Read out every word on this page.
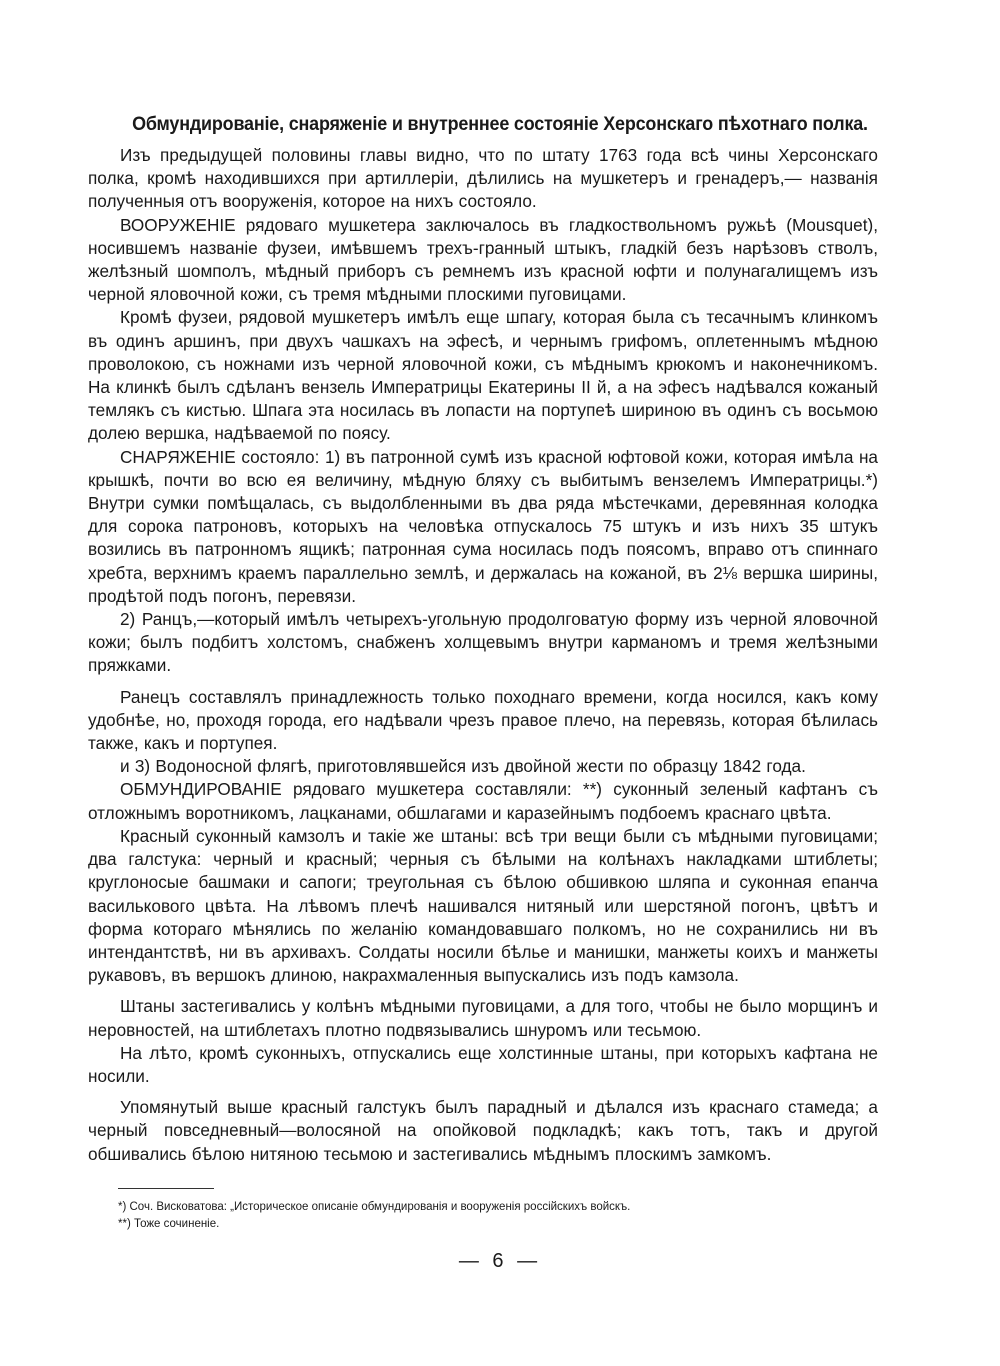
Обмундированіе, снаряженіе и внутреннее состояніе Херсонскаго пѣхотнаго полка.

Изъ предыдущей половины главы видно, что по штату 1763 года всѣ чины Херсонскаго полка, кромѣ находившихся при артиллеріи, дѣлились на мушкетеръ и гренадеръ,— названія полученныя отъ вооруженія, которое на нихъ состояло.

ВООРУЖЕНІЕ рядоваго мушкетера заключалось въ гладкоствольномъ ружьѣ (Mousquet), носившемъ названіе фузеи, имѣвшемъ трехъ-гранный штыкъ, гладкій безъ нарѣзовъ стволъ, желѣзный шомполъ, мѣдный приборъ съ ремнемъ изъ красной юфти и полунагалищемъ изъ черной яловочной кожи, съ тремя мѣдными плоскими пуговицами.

Кромѣ фузеи, рядовой мушкетеръ имѣлъ еще шпагу, которая была съ тесачнымъ клинкомъ въ одинъ аршинъ, при двухъ чашкахъ на эфесѣ, и чернымъ грифомъ, оплетеннымъ мѣдною проволокою, съ ножнами изъ черной яловочной кожи, съ мѣднымъ крюкомъ и наконечникомъ. На клинкѣ былъ сдѣланъ вензель Императрицы Екатерины II й, а на эфесъ надѣвался кожаный темлякъ съ кистью. Шпага эта носилась въ лопасти на портупеѣ шириною въ одинъ съ восьмою долею вершка, надѣваемой по поясу.

СНАРЯЖЕНІЕ состояло: 1) въ патронной сумѣ изъ красной юфтовой кожи, которая имѣла на крышкѣ, почти во всю ея величину, мѣдную бляху съ выбитымъ вензелемъ Императрицы.*) Внутри сумки помѣщалась, съ выдолбленными въ два ряда мѣстечками, деревянная колодка для сорока патроновъ, которыхъ на человѣка отпускалось 75 штукъ и изъ нихъ 35 штукъ возились въ патронномъ ящикѣ; патронная сума носилась подъ поясомъ, вправо отъ спиннаго хребта, верхнимъ краемъ параллельно землѣ, и держалась на кожаной, въ 2⅛ вершка ширины, продѣтой подъ погонъ, перевязи.

2) Ранцъ,—который имѣлъ четырехъ-угольную продолговатую форму изъ черной яловочной кожи; былъ подбитъ холстомъ, снабженъ холщевымъ внутри карманомъ и тремя желѣзными пряжками.

Ранецъ составлялъ принадлежность только походнаго времени, когда носился, какъ кому удобнѣе, но, проходя города, его надѣвали чрезъ правое плечо, на перевязь, которая бѣлилась также, какъ и портупея.

и 3) Водоносной флягѣ, приготовлявшейся изъ двойной жести по образцу 1842 года.

ОБМУНДИРОВАНІЕ рядоваго мушкетера составляли: **) суконный зеленый кафтанъ съ отложнымъ воротникомъ, лацканами, обшлагами и каразейнымъ подбоемъ краснаго цвѣта.

Красный суконный камзолъ и такіе же штаны: всѣ три вещи были съ мѣдными пуговицами; два галстука: черный и красный; черныя съ бѣлыми на колѣнахъ накладками штиблеты; круглоносые башмаки и сапоги; треугольная съ бѣлою обшивкою шляпа и суконная епанча василькового цвѣта. На лѣвомъ плечѣ нашивался нитяный или шерстяной погонъ, цвѣтъ и форма котораго мѣнялись по желанію командовавшаго полкомъ, но не сохранились ни въ интендантствѣ, ни въ архивахъ. Солдаты носили бѣлье и манишки, манжеты коихъ и манжеты рукавовъ, въ вершокъ длиною, накрахмаленныя выпускались изъ подъ камзола.

Штаны застегивались у колѣнъ мѣдными пуговицами, а для того, чтобы не было морщинъ и неровностей, на штиблетахъ плотно подвязывались шнуромъ или тесьмою.

На лѣто, кромѣ суконныхъ, отпускались еще холстинные штаны, при которыхъ кафтана не носили.

Упомянутый выше красный галстукъ былъ парадный и дѣлался изъ краснаго стамеда; а черный повседневный—волосяной на опойковой подкладкѣ; какъ тотъ, такъ и другой обшивались бѣлою нитяною тесьмою и застегивались мѣднымъ плоскимъ замкомъ.

*) Соч. Висковатова: „Историческое описаніе обмундированія и вооруженія россійскихъ войскъ.
**) Тоже сочиненіе.
— 6 —
